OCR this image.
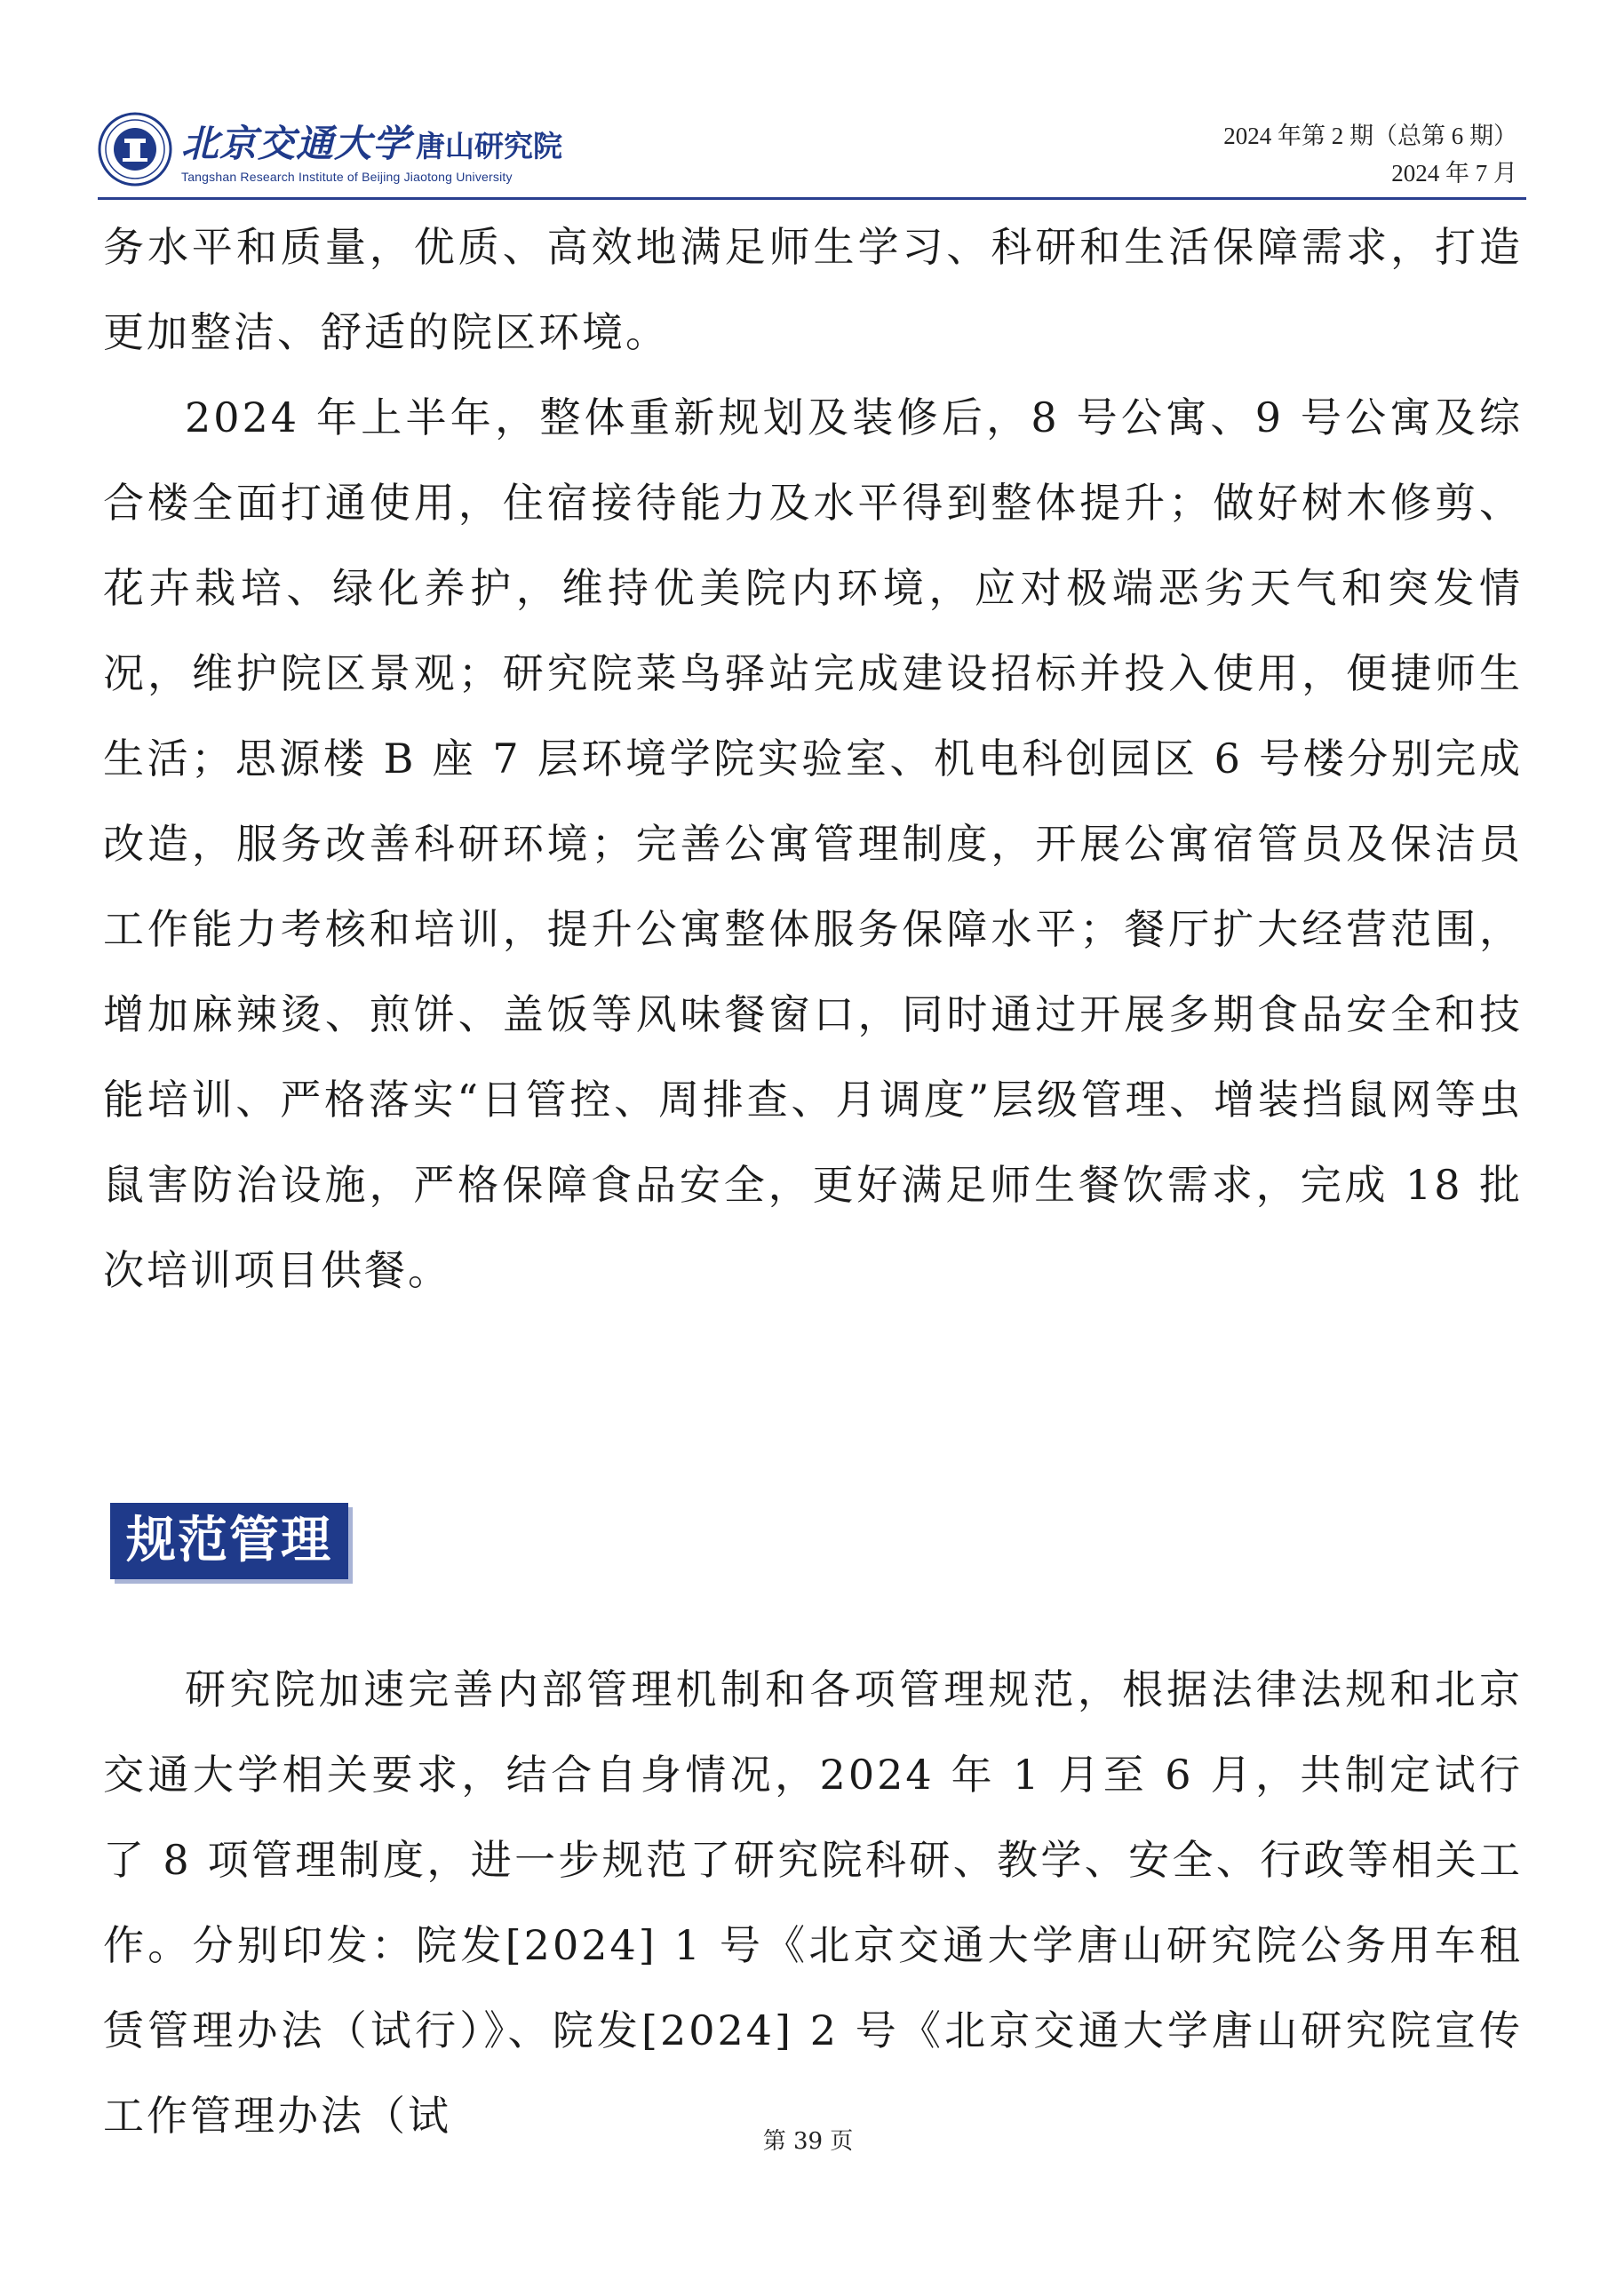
北京交通大学 唐山研究院
Tangshan Research Institute of Beijing Jiaotong University
2024 年第 2 期（总第 6 期）
2024 年 7 月

务水平和质量，优质、高效地满足师生学习、科研和生活保障需求，打造更加整洁、舒适的院区环境。

2024 年上半年，整体重新规划及装修后，8 号公寓、9 号公寓及综合楼全面打通使用，住宿接待能力及水平得到整体提升；做好树木修剪、花卉栽培、绿化养护，维持优美院内环境，应对极端恶劣天气和突发情况，维护院区景观；研究院菜鸟驿站完成建设招标并投入使用，便捷师生生活；思源楼 B 座 7 层环境学院实验室、机电科创园区 6 号楼分别完成改造，服务改善科研环境；完善公寓管理制度，开展公寓宿管员及保洁员工作能力考核和培训，提升公寓整体服务保障水平；餐厅扩大经营范围，增加麻辣烫、煎饼、盖饭等风味餐窗口，同时通过开展多期食品安全和技能培训、严格落实“日管控、周排查、月调度”层级管理、增装挡鼠网等虫鼠害防治设施，严格保障食品安全，更好满足师生餐饮需求，完成 18 批次培训项目供餐。

规范管理

研究院加速完善内部管理机制和各项管理规范，根据法律法规和北京交通大学相关要求，结合自身情况，2024 年 1 月至 6 月，共制定试行了 8 项管理制度，进一步规范了研究院科研、教学、安全、行政等相关工作。分别印发：院发[2024] 1 号《北京交通大学唐山研究院公务用车租赁管理办法（试行）》、院发[2024] 2 号《北京交通大学唐山研究院宣传工作管理办法（试

第 39 页
